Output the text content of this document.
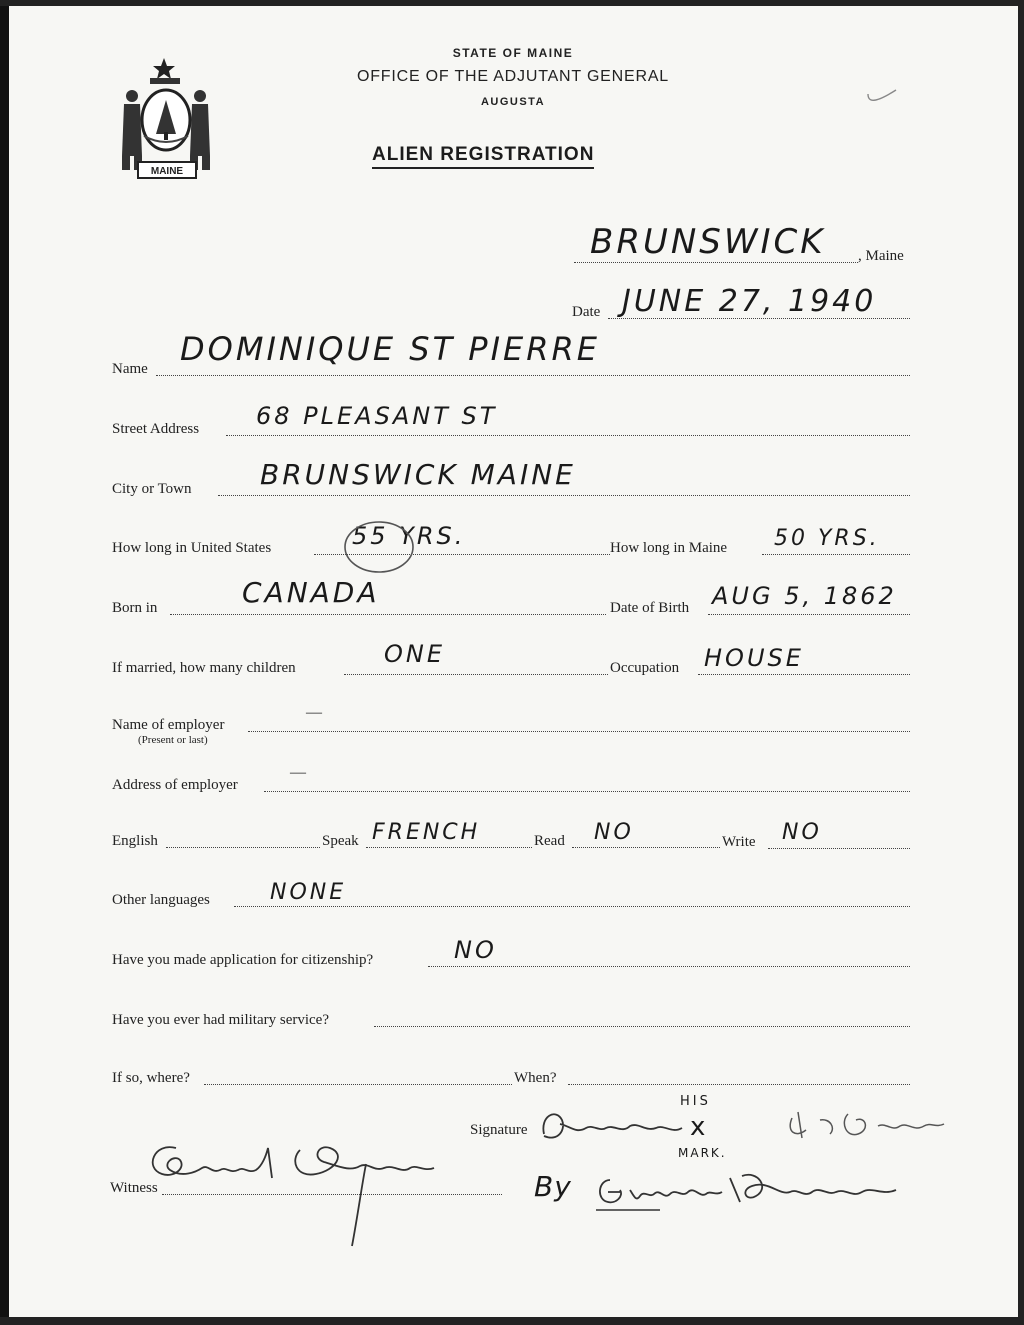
MAINE
STATE OF MAINE
OFFICE OF THE ADJUTANT GENERAL
AUGUSTA
ALIEN REGISTRATION
BRUNSWICK , Maine
Date JUNE 27, 1940
Name
DOMINIQUE ST PIERRE
Street Address 68 PLEASANT ST
City or Town BRUNSWICK MAINE
How long in United States	55 YRS.	How long in Maine 50 YRS.
Born in	CANADA	Date of Birth AUG 5, 1862
If married, how many children	ONE	Occupation HOUSE
Name of employer
(Present or last)
—
Address of employer
—
English	Speak FRENCH	Read NO	Write NO
Other languages	NONE
Have you made application for citizenship?	NO
Have you ever had military service?
If so, where?	When?
Signature
HIS
MARK.
x
By
Witness
